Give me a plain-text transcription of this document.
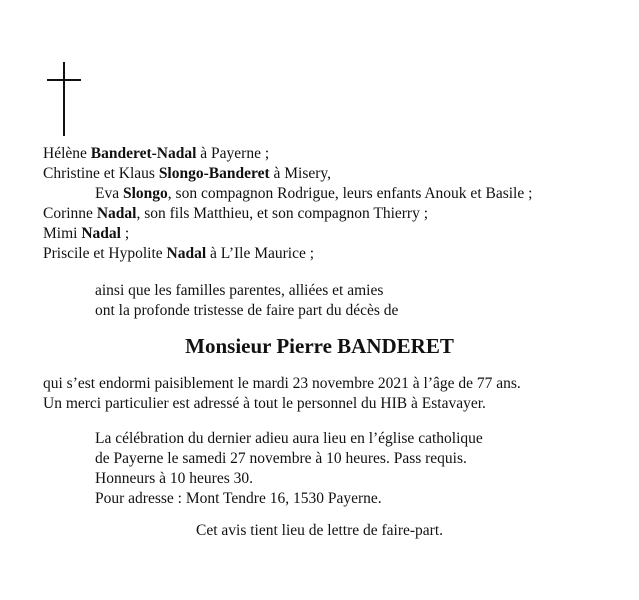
Hélène Banderet-Nadal à Payerne ;
Christine et Klaus Slongo-Banderet à Misery,
Eva Slongo, son compagnon Rodrigue, leurs enfants Anouk et Basile ;
Corinne Nadal, son fils Matthieu, et son compagnon Thierry ;
Mimi Nadal ;
Priscile et Hypolite Nadal à L’Ile Maurice ;
ainsi que les familles parentes, alliées et amies
ont la profonde tristesse de faire part du décès de
Monsieur Pierre BANDERET
qui s’est endormi paisiblement le mardi 23 novembre 2021 à l’âge de 77 ans.
Un merci particulier est adressé à tout le personnel du HIB à Estavayer.
La célébration du dernier adieu aura lieu en l’église catholique
de Payerne le samedi 27 novembre à 10 heures. Pass requis.
Honneurs à 10 heures 30.
Pour adresse : Mont Tendre 16, 1530 Payerne.
Cet avis tient lieu de lettre de faire-part.
